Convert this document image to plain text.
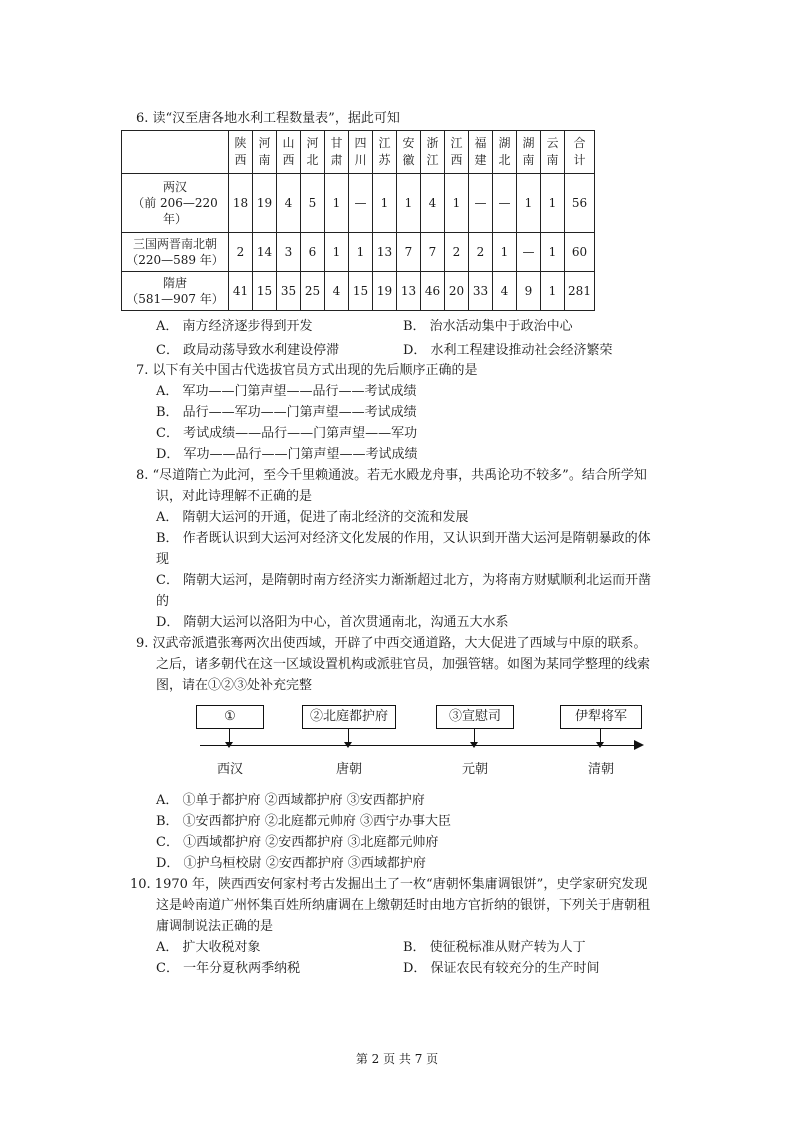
6. 读“汉至唐各地水利工程数量表”，据此可知
	陕西	河南	山西	河北	甘肃	四川	江苏	安徽	浙江	江西	福建	湖北	湖南	云南	合计

两汉
（前 206—220 年）	18	19	4	5	1	—	1	1	4	1	—	—	1	1	56

三国两晋南北朝
（220—589 年）	2	14	3	6	1	1	13	7	7	2	2	1	—	1	60

隋唐
（581—907 年）	41	15	35	25	4	15	19	13	46	20	33	4	9	1	281
A． 南方经济逐步得到开发	B． 治水活动集中于政治中心
C． 政局动荡导致水利建设停滞	D． 水利工程建设推动社会经济繁荣
7. 以下有关中国古代选拔官员方式出现的先后顺序正确的是
A． 军功——门第声望——品行——考试成绩
B． 品行——军功——门第声望——考试成绩
C． 考试成绩——品行——门第声望——军功
D． 军功——品行——门第声望——考试成绩
8. “尽道隋亡为此河，至今千里赖通波。若无水殿龙舟事，共禹论功不较多”。结合所学知
识，对此诗理解不正确的是
A． 隋朝大运河的开通，促进了南北经济的交流和发展
B． 作者既认识到大运河对经济文化发展的作用，又认识到开凿大运河是隋朝暴政的体
现
C． 隋朝大运河，是隋朝时南方经济实力渐渐超过北方，为将南方财赋顺利北运而开凿
的
D． 隋朝大运河以洛阳为中心，首次贯通南北，沟通五大水系
9. 汉武帝派遣张骞两次出使西域，开辟了中西交通道路，大大促进了西域与中原的联系。
之后，诸多朝代在这一区域设置机构或派驻官员，加强管辖。如图为某同学整理的线索
图，请在①②③处补充完整
①	②北庭都护府	③宣慰司	伊犁将军
西汉	唐朝	元朝	清朝
A． ①单于都护府 ②西域都护府 ③安西都护府
B． ①安西都护府 ②北庭都元帅府 ③西宁办事大臣
C． ①西域都护府 ②安西都护府 ③北庭都元帅府
D． ①护乌桓校尉 ②安西都护府 ③西域都护府
10. 1970 年，陕西西安何家村考古发掘出土了一枚“唐朝怀集庸调银饼”，史学家研究发现
这是岭南道广州怀集百姓所纳庸调在上缴朝廷时由地方官折纳的银饼，下列关于唐朝租
庸调制说法正确的是
A． 扩大收税对象	B． 使征税标准从财产转为人丁
C． 一年分夏秋两季纳税	D． 保证农民有较充分的生产时间
第 2 页 共 7 页
